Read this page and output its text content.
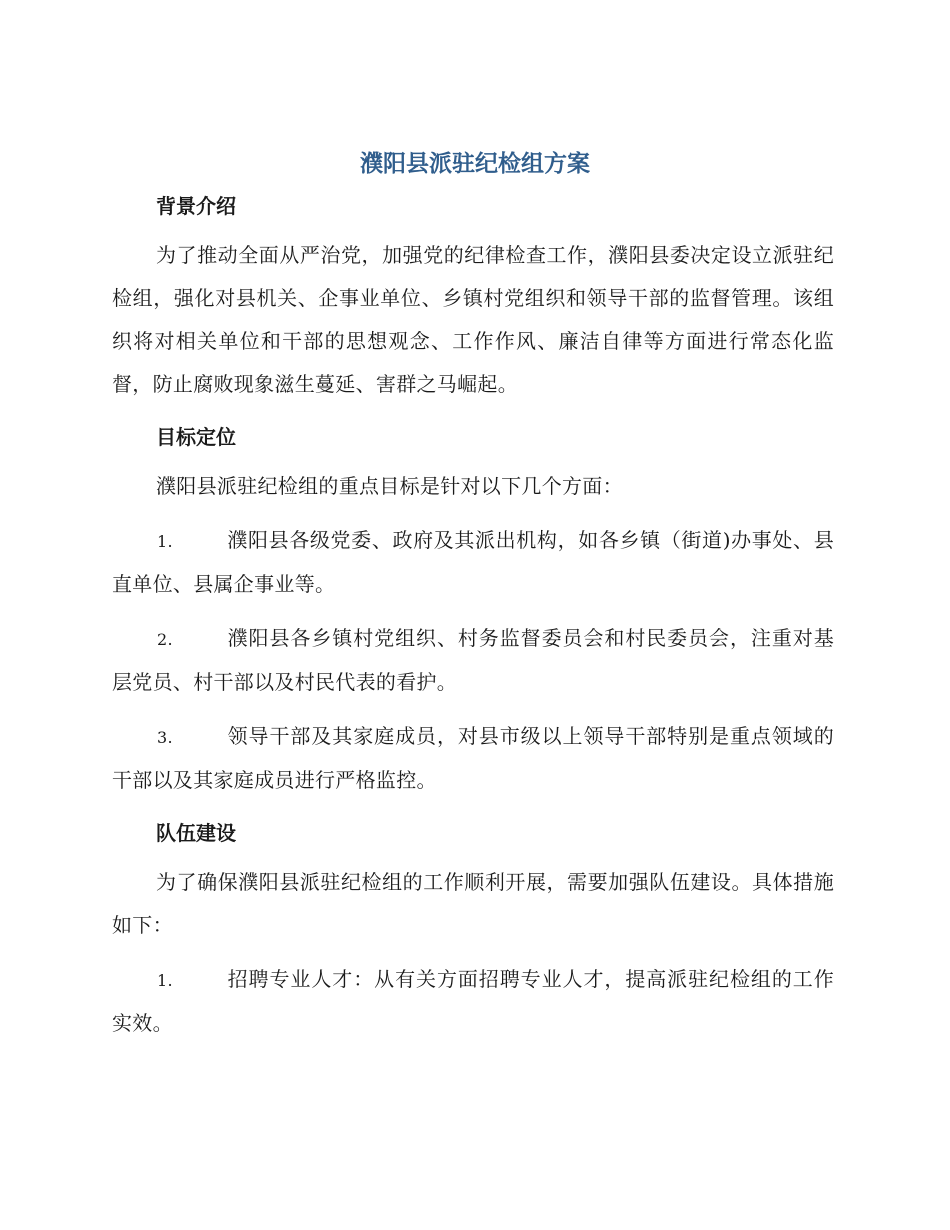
濮阳县派驻纪检组方案
背景介绍

为了推动全面从严治党，加强党的纪律检查工作，濮阳县委决定设立派驻纪检组，强化对县机关、企事业单位、乡镇村党组织和领导干部的监督管理。该组织将对相关单位和干部的思想观念、工作作风、廉洁自律等方面进行常态化监督，防止腐败现象滋生蔓延、害群之马崛起。

目标定位

濮阳县派驻纪检组的重点目标是针对以下几个方面：

1.	濮阳县各级党委、政府及其派出机构，如各乡镇（街道)办事处、县直单位、县属企事业等。

2.	濮阳县各乡镇村党组织、村务监督委员会和村民委员会，注重对基层党员、村干部以及村民代表的看护。

3.	领导干部及其家庭成员，对县市级以上领导干部特别是重点领域的干部以及其家庭成员进行严格监控。

队伍建设

为了确保濮阳县派驻纪检组的工作顺利开展，需要加强队伍建设。具体措施如下：

1.	招聘专业人才：从有关方面招聘专业人才，提高派驻纪检组的工作实效。
